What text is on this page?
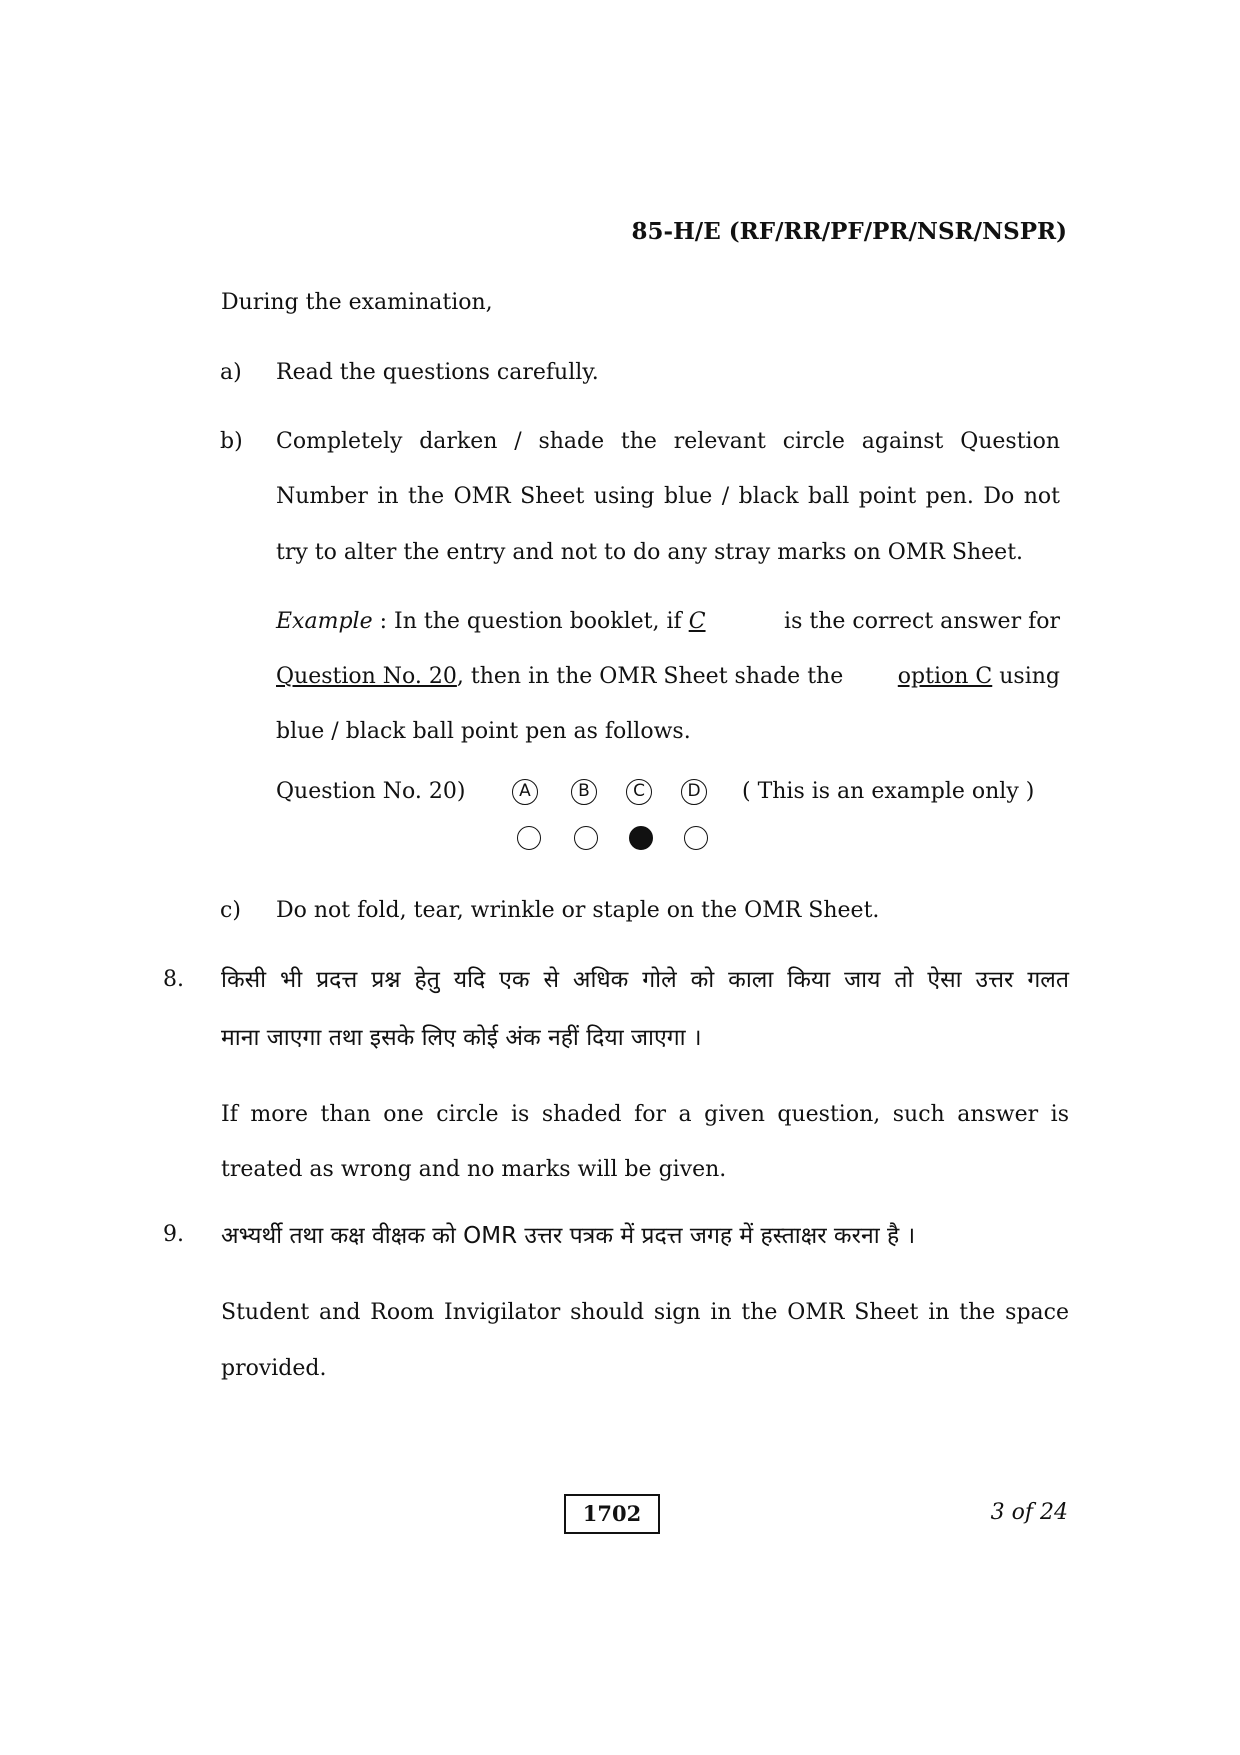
85-H/E (RF/RR/PF/PR/NSR/NSPR)
During the examination,
a) Read the questions carefully.
b) Completely darken / shade the relevant circle against Question
Number in the OMR Sheet using blue / black ball point pen. Do not
try to alter the entry and not to do any stray marks on OMR Sheet.
Example : In the question booklet, if C	is the correct answer for
Question No. 20, then in the OMR Sheet shade the option C using
blue / black ball point pen as follows.
Question No. 20)	A	B	C	D ( This is an example only )
c) Do not fold, tear, wrinkle or staple on the OMR Sheet.
8. किसी भी प्रदत्त प्रश्न हेतु यदि एक से अधिक गोले को काला किया जाय तो ऐसा उत्तर गलत
माना जाएगा तथा इसके लिए कोई अंक नहीं दिया जाएगा ।
If more than one circle is shaded for a given question, such answer is
treated as wrong and no marks will be given.
9. अभ्यर्थी तथा कक्ष वीक्षक को OMR उत्तर पत्रक में प्रदत्त जगह में हस्ताक्षर करना है ।
Student and Room Invigilator should sign in the OMR Sheet in the space
provided.
1702	3 of 24
